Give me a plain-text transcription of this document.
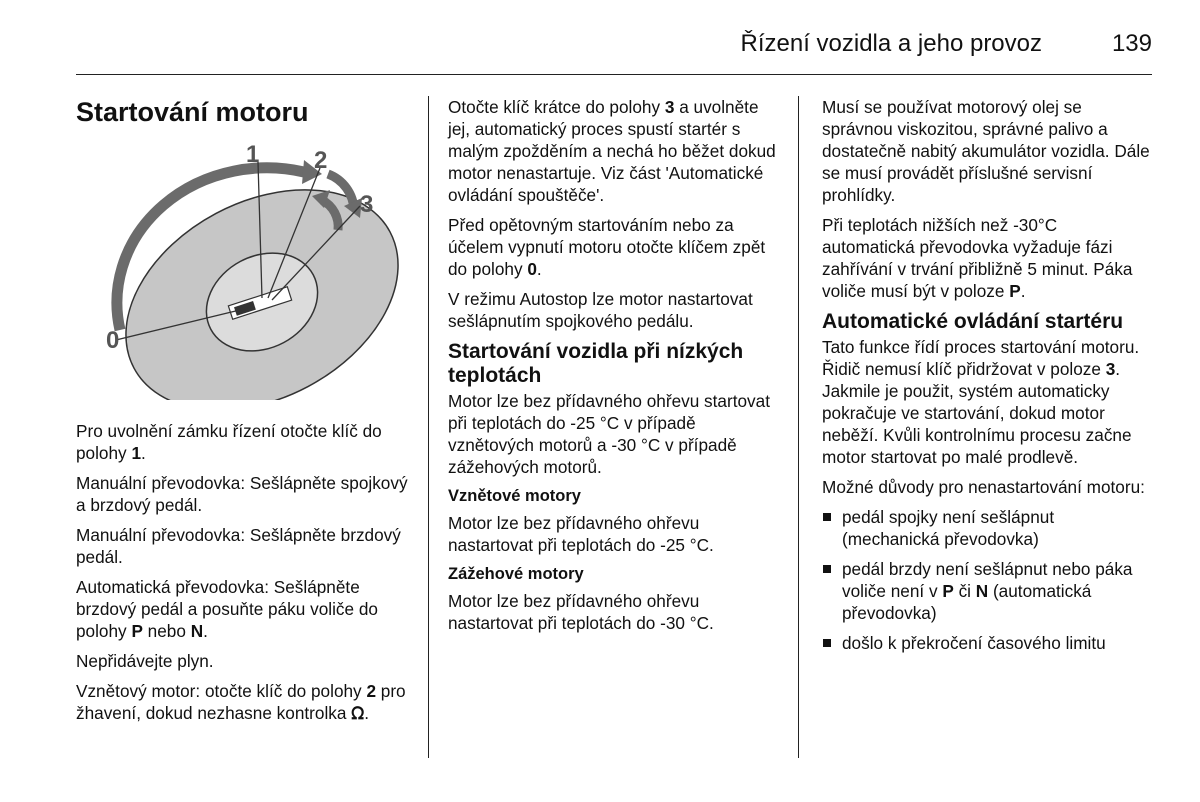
Řízení vozidla a jeho provoz	139
Startování motoru
1 2
3
0

Pro uvolnění zámku řízení otočte klíč do polohy 1.

Manuální převodovka: Sešlápněte spojkový a brzdový pedál.

Manuální převodovka: Sešlápněte brzdový pedál.

Automatická převodovka: Sešlápněte brzdový pedál a posuňte páku voliče do polohy P nebo N.

Nepřidávejte plyn.

Vznětový motor: otočte klíč do polohy 2 pro žhavení, dokud nezhasne kontrolka ᘯ.

Otočte klíč krátce do polohy 3 a uvolněte jej, automatický proces spustí startér s malým zpožděním a nechá ho běžet dokud motor nenastartuje. Viz část 'Automatické ovládání spouštěče'.

Před opětovným startováním nebo za účelem vypnutí motoru otočte klíčem zpět do polohy 0.

V režimu Autostop lze motor nastartovat sešlápnutím spojkového pedálu.

Startování vozidla při nízkých teplotách

Motor lze bez přídavného ohřevu startovat při teplotách do -25 °C v případě vznětových motorů a -30 °C v případě zážehových motorů.

Vznětové motory

Motor lze bez přídavného ohřevu nastartovat při teplotách do -25 °C.

Zážehové motory

Motor lze bez přídavného ohřevu nastartovat při teplotách do -30 °C.

Musí se používat motorový olej se správnou viskozitou, správné palivo a dostatečně nabitý akumulátor vozidla. Dále se musí provádět příslušné servisní prohlídky.

Při teplotách nižších než -30°C automatická převodovka vyžaduje fázi zahřívání v trvání přibližně 5 minut. Páka voliče musí být v poloze P.

Automatické ovládání startéru

Tato funkce řídí proces startování motoru. Řidič nemusí klíč přidržovat v poloze 3. Jakmile je použit, systém automaticky pokračuje ve startování, dokud motor neběží. Kvůli kontrolnímu procesu začne motor startovat po malé prodlevě.

Možné důvody pro nenastartování motoru:

pedál spojky není sešlápnut (mechanická převodovka)
pedál brzdy není sešlápnut nebo páka voliče není v P či N (automatická převodovka)
došlo k překročení časového limitu
